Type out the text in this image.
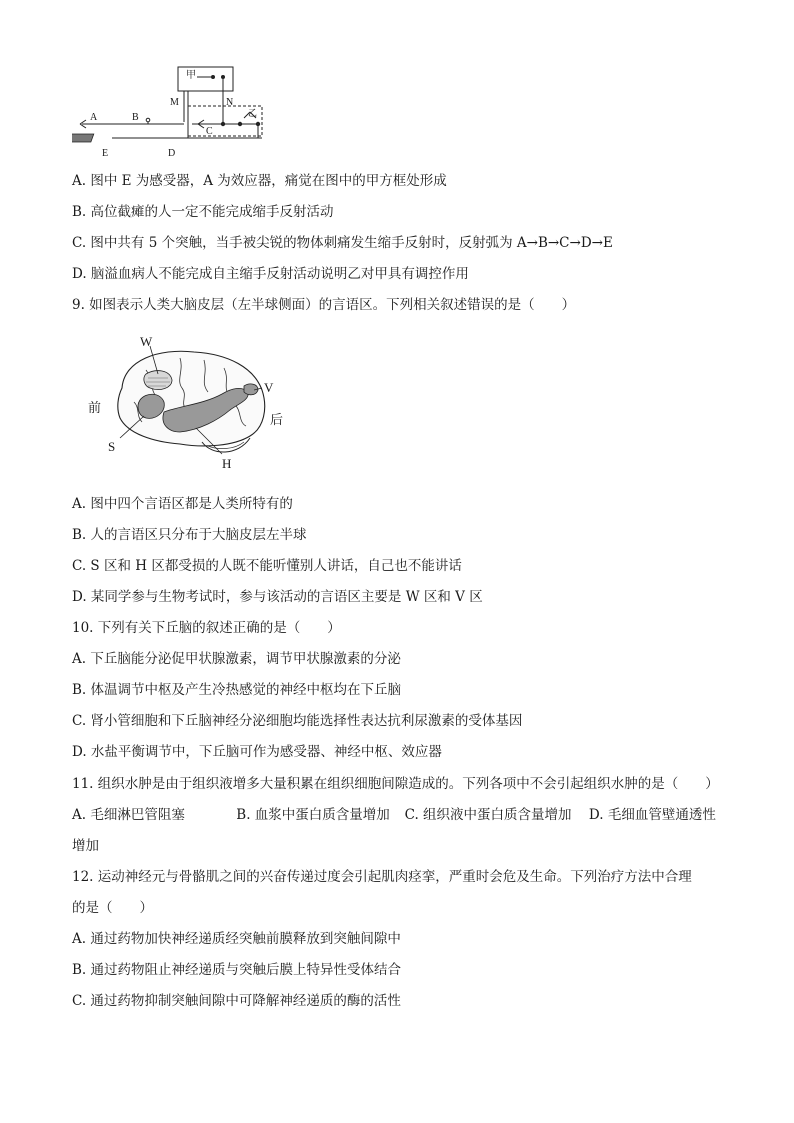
甲
M	N
A	B
E	D
C
乙
A. 图中 E 为感受器，A 为效应器，痛觉在图中的甲方框处形成
B. 高位截瘫的人一定不能完成缩手反射活动
C. 图中共有 5 个突触，当手被尖锐的物体刺痛发生缩手反射时，反射弧为 A→B→C→D→E
D. 脑溢血病人不能完成自主缩手反射活动说明乙对甲具有调控作用
9. 如图表示人类大脑皮层（左半球侧面）的言语区。下列相关叙述错误的是（　　）
前
后
W
V
S
H
A. 图中四个言语区都是人类所特有的
B. 人的言语区只分布于大脑皮层左半球
C. S 区和 H 区都受损的人既不能听懂别人讲话，自己也不能讲话
D. 某同学参与生物考试时，参与该活动的言语区主要是 W 区和 V 区
10. 下列有关下丘脑的叙述正确的是（　　）
A. 下丘脑能分泌促甲状腺激素，调节甲状腺激素的分泌
B. 体温调节中枢及产生冷热感觉的神经中枢均在下丘脑
C. 肾小管细胞和下丘脑神经分泌细胞均能选择性表达抗利尿激素的受体基因
D. 水盐平衡调节中，下丘脑可作为感受器、神经中枢、效应器
11. 组织水肿是由于组织液增多大量积累在组织细胞间隙造成的。下列各项中不会引起组织水肿的是（　　）
A. 毛细淋巴管阻塞	B. 血浆中蛋白质含量增加 C. 组织液中蛋白质含量增加 D. 毛细血管壁通透性
增加
12. 运动神经元与骨骼肌之间的兴奋传递过度会引起肌肉痉挛，严重时会危及生命。下列治疗方法中合理
的是（　　）
A. 通过药物加快神经递质经突触前膜释放到突触间隙中
B. 通过药物阻止神经递质与突触后膜上特异性受体结合
C. 通过药物抑制突触间隙中可降解神经递质的酶的活性
